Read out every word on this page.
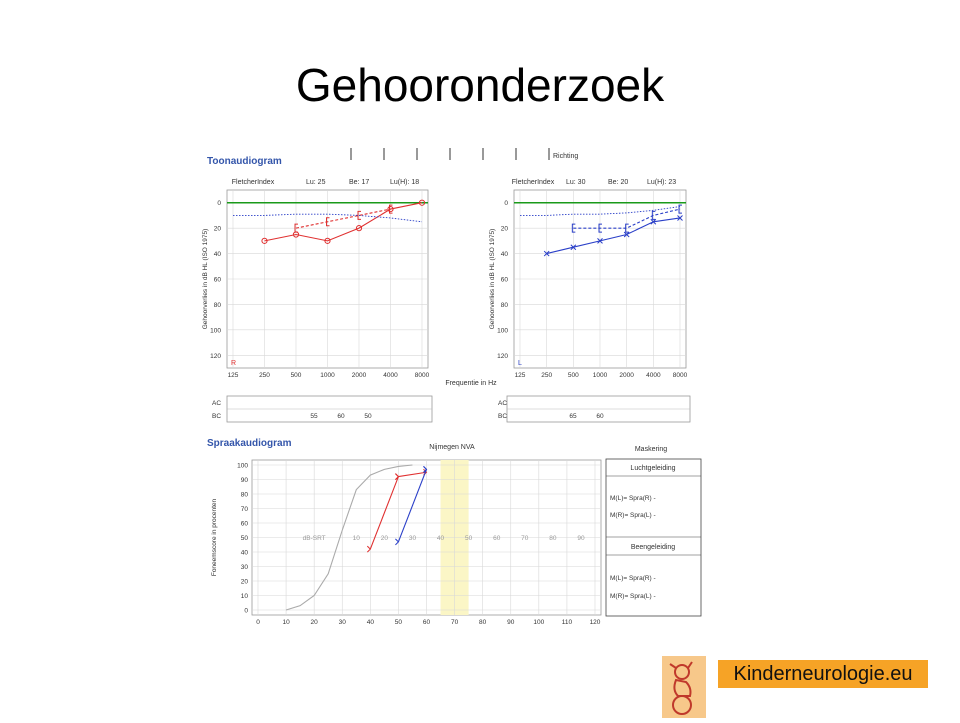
Gehooronderzoek
Richting
Toonaudiogram
FletcherIndex	Lu: 25	Be: 17	Lu(H): 18	FletcherIndex Lu: 30	Be: 20	Lu(H): 23
125	250	500	1000	2000	4000	8000
0
20
40
60
80
100
120
Gehoorverlies in dB HL (ISO 1975)
R
125 250 500 1000 2000 4000 8000
0
20
40
60
80
100
120
Gehoorverlies in dB HL (ISO 1975)
L
Frequentie in Hz
AC
BC	55	60	50
AC
BC	65	60
Spraakaudiogram	Nijmegen NVA
0	10	20	30	40	50	60	70	80	90	100	110	120
0
10
20
30
40
50
60
70
80
90
100
Foneemscore in procenten	dB-SRT	10	20	30	40	50	60	70	80	90
Maskering
Luchtgeleiding
M(L)= Spra(R) -
M(R)= Spra(L) -
Beengeleiding
M(L)= Spra(R) -
M(R)= Spra(L) -
Kinderneurologie.eu
